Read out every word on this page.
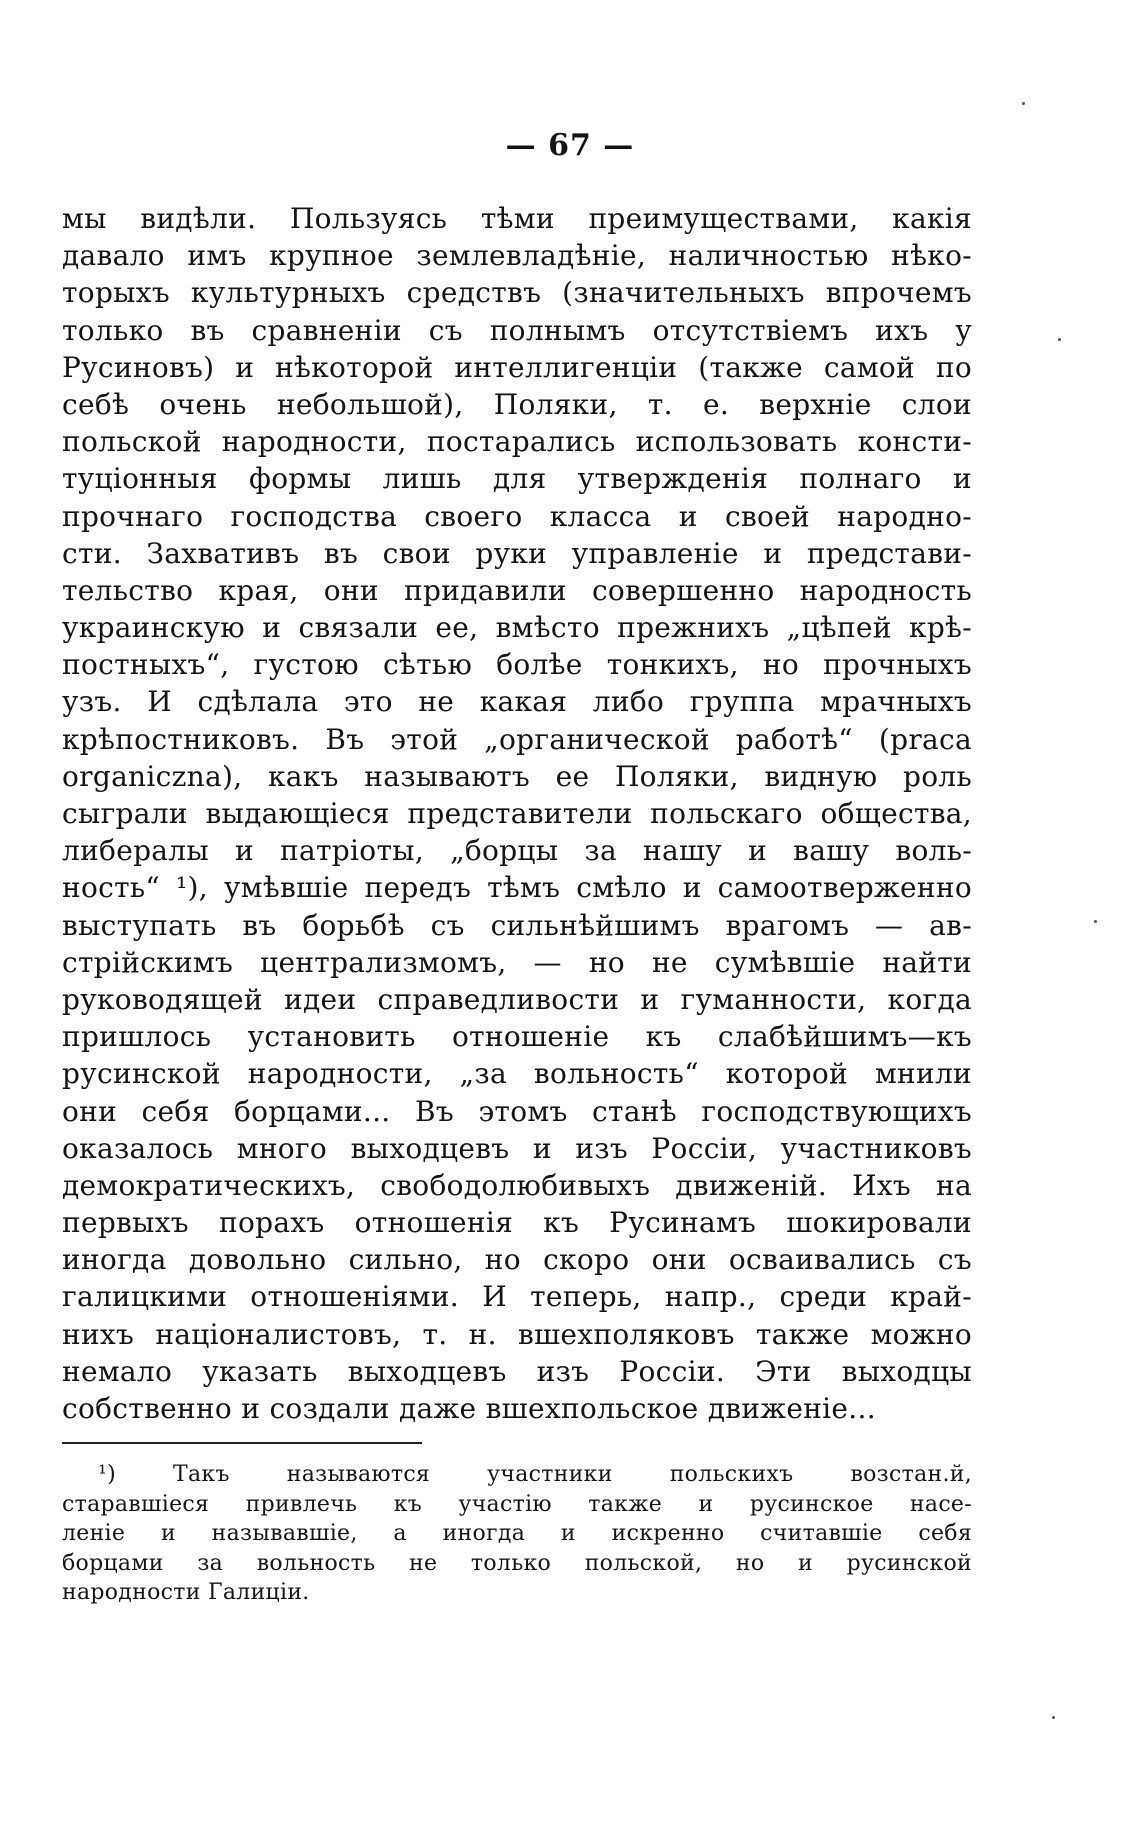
— 67 —
мы видѣли. Пользуясь тѣми преимуществами, какія
давало имъ крупное землевладѣніе, наличностью нѣко-
торыхъ культурныхъ средствъ (значительныхъ впрочемъ
только въ сравненіи съ полнымъ отсутствіемъ ихъ у
Русиновъ) и нѣкоторой интеллигенціи (также самой по
себѣ очень небольшой), Поляки, т. е. верхніе слои
польской народности, постарались использовать консти-
туціонныя формы лишь для утвержденія полнаго и
прочнаго господства своего класса и своей народно-
сти. Захвативъ въ свои руки управленіе и представи-
тельство края, они придавили совершенно народность
украинскую и связали ее, вмѣсто прежнихъ „цѣпей крѣ-
постныхъ“, густою сѣтью болѣе тонкихъ, но прочныхъ
узъ. И сдѣлала это не какая либо группа мрачныхъ
крѣпостниковъ. Въ этой „органической работѣ“ (praca
organiczna), какъ называютъ ее Поляки, видную роль
сыграли выдающіеся представители польскаго общества,
либералы и патріоты, „борцы за нашу и вашу воль-
ность“ ¹), умѣвшіе передъ тѣмъ смѣло и самоотверженно
выступать въ борьбѣ съ сильнѣйшимъ врагомъ — ав-
стрійскимъ централизмомъ, — но не сумѣвшіе найти
руководящей идеи справедливости и гуманности, когда
пришлось установить отношеніе къ слабѣйшимъ—къ
русинской народности, „за вольность“ которой мнили
они себя борцами... Въ этомъ станѣ господствующихъ
оказалось много выходцевъ и изъ Россіи, участниковъ
демократическихъ, свободолюбивыхъ движеній. Ихъ на
первыхъ порахъ отношенія къ Русинамъ шокировали
иногда довольно сильно, но скоро они осваивались съ
галицкими отношеніями. И теперь, напр., среди край-
нихъ націоналистовъ, т. н. вшехполяковъ также можно
немало указать выходцевъ изъ Россіи. Эти выходцы
собственно и создали даже вшехпольское движеніе...
¹) Такъ называются участники польскихъ возстан.й,
старавшіеся привлечь къ участію также и русинское насе-
леніе и называвшіе, а иногда и искренно считавшіе себя
борцами за вольность не только польской, но и русинской
народности Галиціи.
